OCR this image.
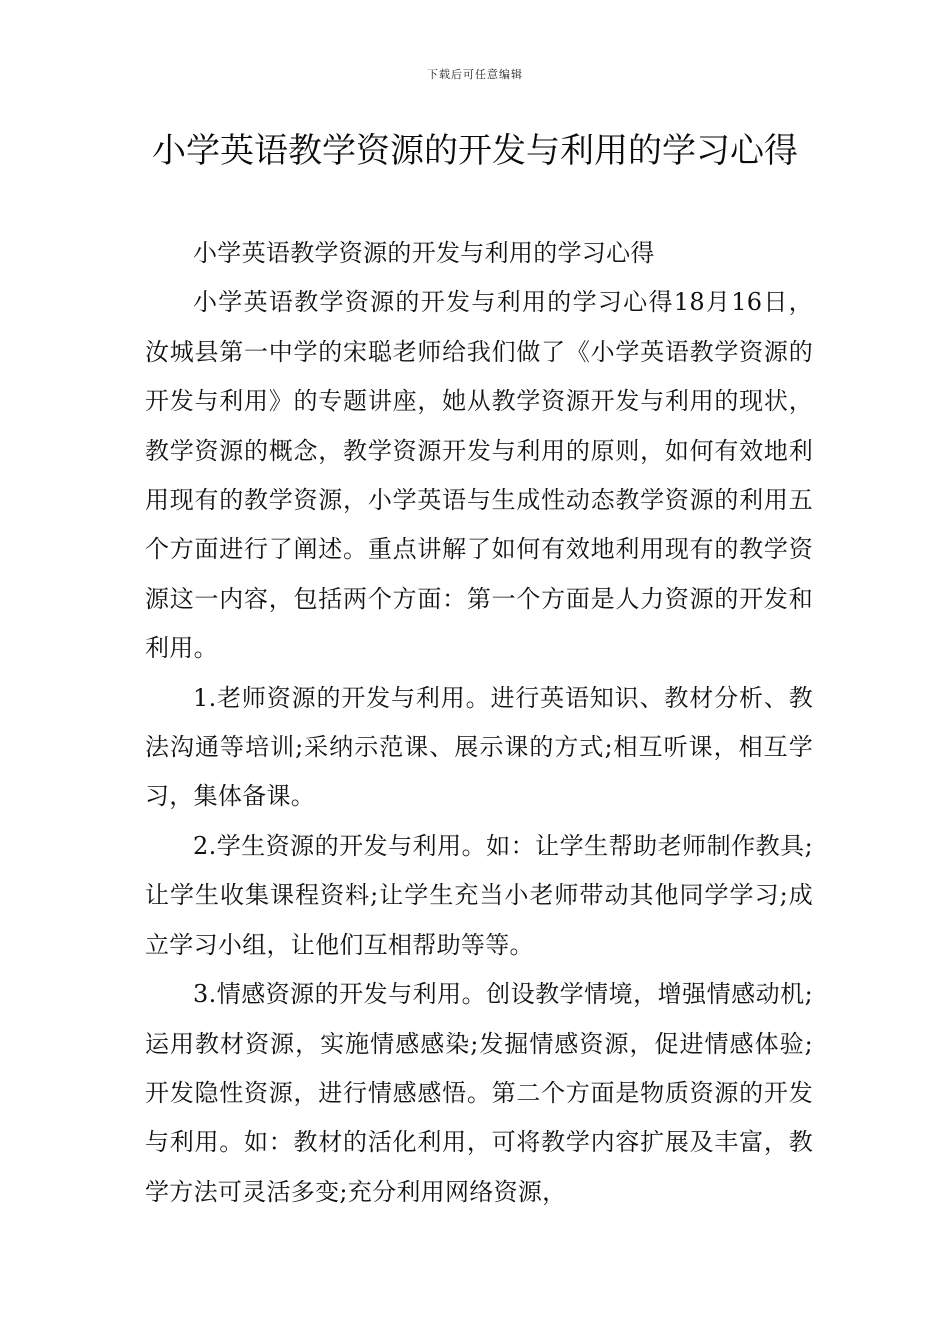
下载后可任意编辑
小学英语教学资源的开发与利用的学习心得

小学英语教学资源的开发与利用的学习心得

小学英语教学资源的开发与利用的学习心得18月16日，汝城县第一中学的宋聪老师给我们做了《小学英语教学资源的开发与利用》的专题讲座，她从教学资源开发与利用的现状，教学资源的概念，教学资源开发与利用的原则，如何有效地利用现有的教学资源，小学英语与生成性动态教学资源的利用五个方面进行了阐述。重点讲解了如何有效地利用现有的教学资源这一内容，包括两个方面：第一个方面是人力资源的开发和利用。

1.老师资源的开发与利用。进行英语知识、教材分析、教法沟通等培训;采纳示范课、展示课的方式;相互听课，相互学习，集体备课。

2.学生资源的开发与利用。如：让学生帮助老师制作教具;让学生收集课程资料;让学生充当小老师带动其他同学学习;成立学习小组，让他们互相帮助等等。

3.情感资源的开发与利用。创设教学情境，增强情感动机;运用教材资源，实施情感感染;发掘情感资源，促进情感体验;开发隐性资源，进行情感感悟。第二个方面是物质资源的开发与利用。如：教材的活化利用，可将教学内容扩展及丰富，教学方法可灵活多变;充分利用网络资源，
